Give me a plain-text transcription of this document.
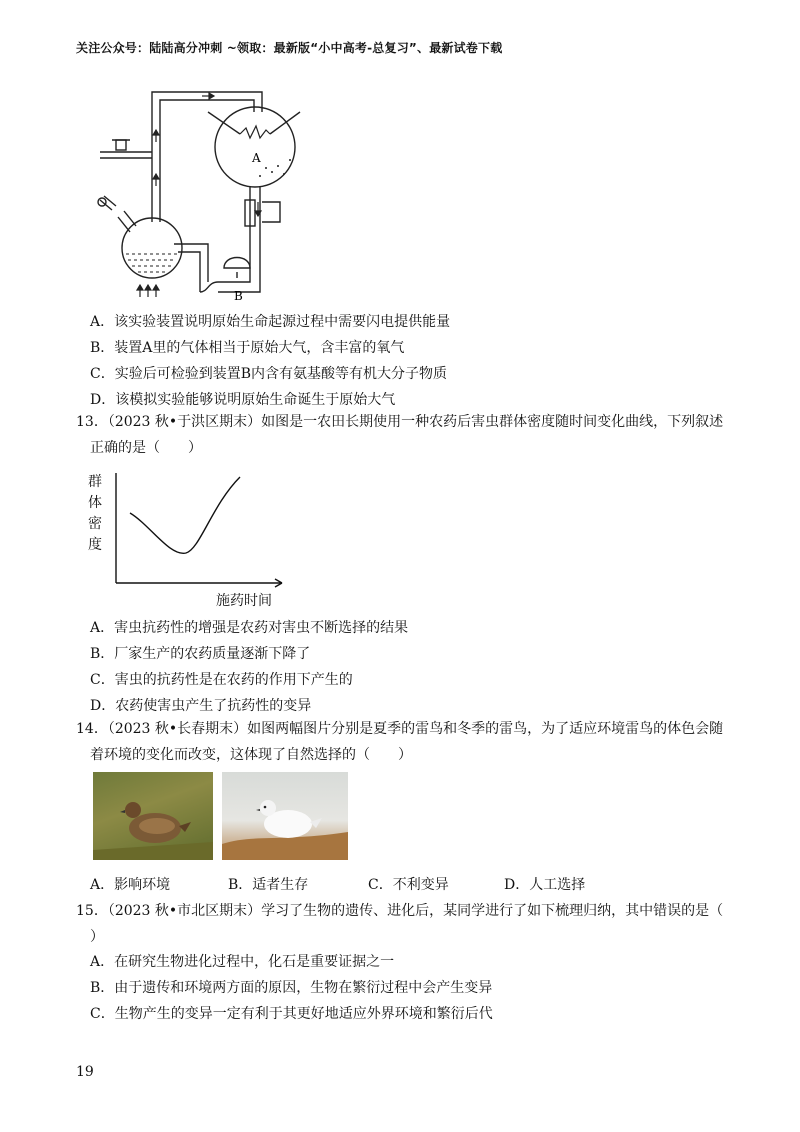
关注公众号：陆陆高分冲刺 ~领取：最新版“小中高考-总复习”、最新试卷下载
A
B
A．该实验装置说明原始生命起源过程中需要闪电提供能量
B．装置A里的气体相当于原始大气，含丰富的氧气
C．实验后可检验到装置B内含有氨基酸等有机大分子物质
D．该模拟实验能够说明原始生命诞生于原始大气
13．（2023 秋•于洪区期末）如图是一农田长期使用一种农药后害虫群体密度随时间变化曲线，下列叙述
正确的是（　　）
群体密度
施药时间
A．害虫抗药性的增强是农药对害虫不断选择的结果
B．厂家生产的农药质量逐渐下降了
C．害虫的抗药性是在农药的作用下产生的
D．农药使害虫产生了抗药性的变异
14．（2023 秋•长春期末）如图两幅图片分别是夏季的雷鸟和冬季的雷鸟，为了适应环境雷鸟的体色会随
着环境的变化而改变，这体现了自然选择的（　　）
A．影响环境	B．适者生存	C．不利变异	D．人工选择
15．（2023 秋•市北区期末）学习了生物的遗传、进化后，某同学进行了如下梳理归纳，其中错误的是（
）
A．在研究生物进化过程中，化石是重要证据之一
B．由于遗传和环境两方面的原因，生物在繁衍过程中会产生变异
C．生物产生的变异一定有利于其更好地适应外界环境和繁衍后代
19
